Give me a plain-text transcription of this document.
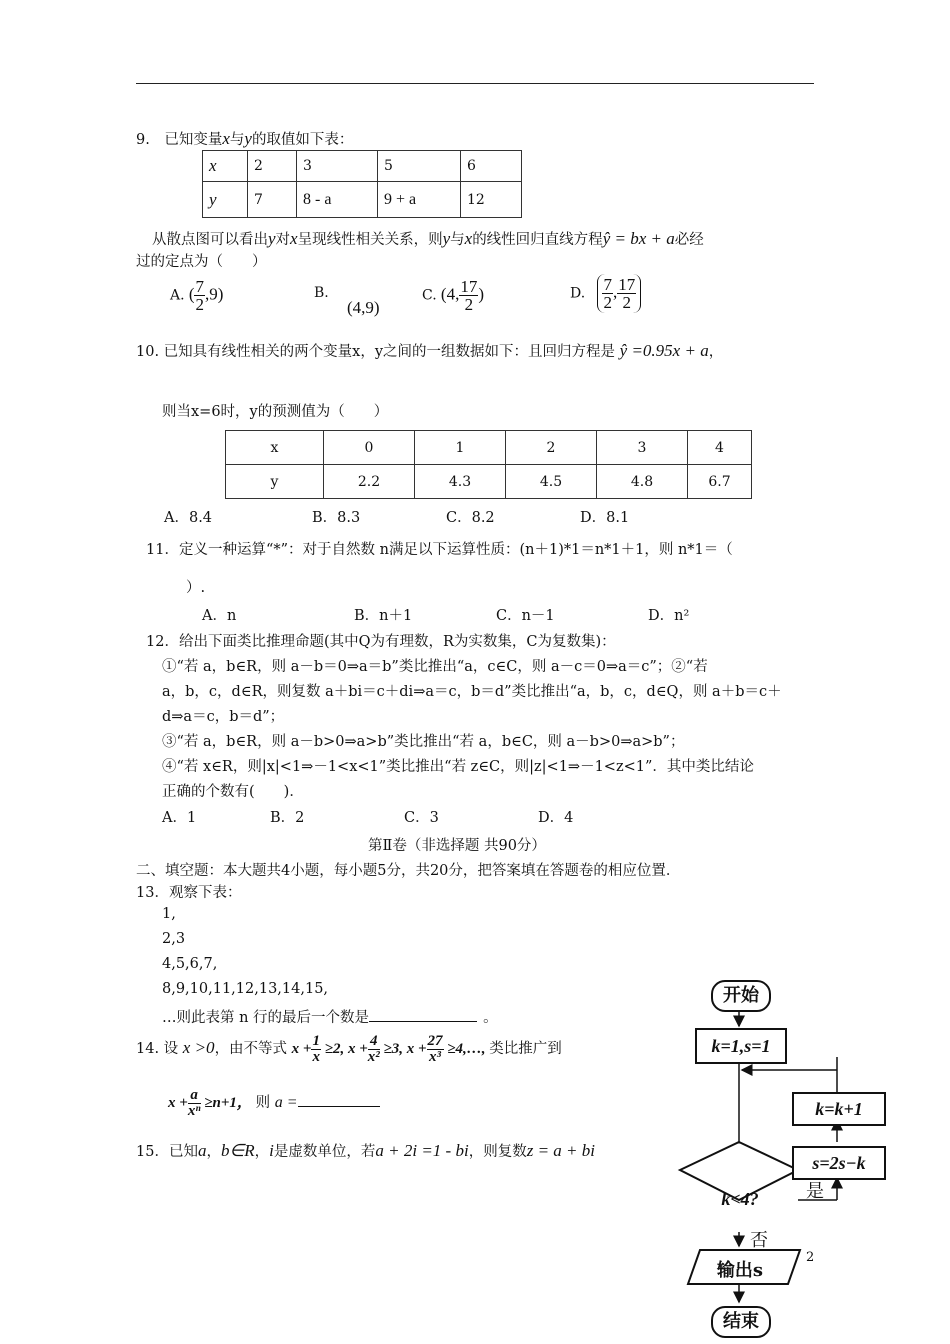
9.　已知变量x与y的取值如下表：
x	2	3	5	6
y	7	8 - a	9 + a	12
从散点图可以看出y对x呈现线性相关关系，则y与x的线性回归直线方程ŷ = bx + a必经
过的定点为（　　）
A. ( $\frac{7}{2} ,9$)	$^{B.}$ (4,9)
C. (4, $\frac{17}{2}$ )	D. $\frac{7}{2}$ , $\frac{17}{2}$
10. 已知具有线性相关的两个变量x，y之间的一组数据如下：且回归方程是 ŷ =0.95x + a，
则当x=6时，y的预测值为（　　）
x	0	1	2	3	4
y	2.2	4.3	4.5	4.8	6.7
A．8.4	B．8.3	C．8.2	D．8.1
11．定义一种运算“*”：对于自然数 n满足以下运算性质：(n＋1)*1＝n*1＋1，则 n*1＝（
）.
A．n	B．n＋1	C．n－1	D．n²
12．给出下面类比推理命题(其中Q为有理数，R为实数集，C为复数集)：
①“若 a，b∈R，则 a－b＝0⇒a＝b”类比推出“a，c∈C，则 a－c＝0⇒a＝c”；②“若
a，b，c，d∈R，则复数 a＋bi＝c＋di⇒a＝c，b＝d”类比推出“a，b，c，d∈Q，则 a＋b＝c＋
d⇒a＝c，b＝d”；
③“若 a，b∈R，则 a－b>0⇒a>b”类比推出“若 a，b∈C，则 a－b>0⇒a>b”；
④“若 x∈R，则|x|<1⇒－1<x<1”类比推出“若 z∈C，则|z|<1⇒－1<z<1”．其中类比结论
正确的个数有(　　)．
A．1	B．2	C．3	D．4
第Ⅱ卷（非选择题 共90分）
二、填空题：本大题共4小题，每小题5分，共20分，把答案填在答题卷的相应位置．
13．观察下表：
1,
2,3
4,5,6,7,
8,9,10,11,12,13,14,15,
…则此表第 n 行的最后一个数是	。
14. 设 x >0，由不等式 $x + \frac{1}{x} \ge 2$, $x + \frac{4}{\text{x²}} \ge 3$, $x + \frac{27}{\text{x³}}$ ≥4,…, 类比推广到
$x + \frac{a}{\text{xⁿ}} \ge n+1$， 则 a =
15．已知a，b∈R，i是虚数单位，若a + 2i =1 - bi，则复数z = a + bi
开始
k=1,s=1
k=k+1
s=2s−k
k<4?	是
否
输出s
结束
2
